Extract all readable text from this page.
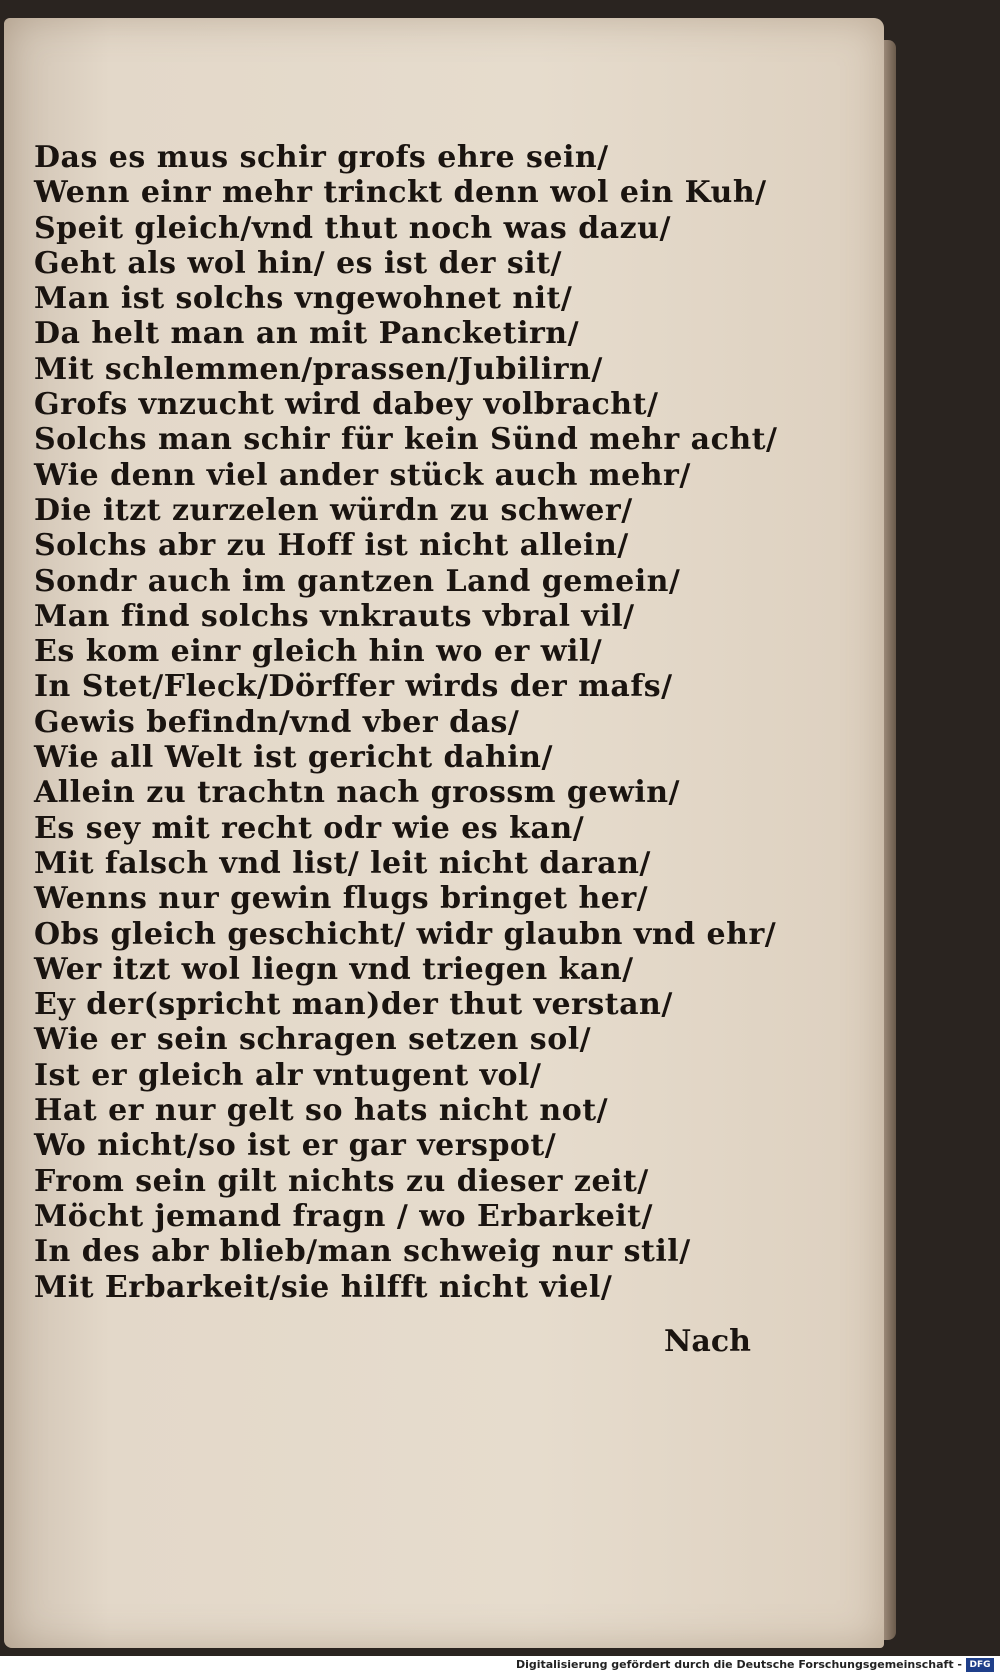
Das es mus schir grofs ehre sein/
Wenn einr mehr trinckt denn wol ein Kuh/
Speit gleich/vnd thut noch was dazu/
Geht als wol hin/ es ist der sit/
Man ist solchs vngewohnet nit/
Da helt man an mit Pancketirn/
Mit schlemmen/prassen/Jubilirn/
Grofs vnzucht wird dabey volbracht/
Solchs man schir für kein Sünd mehr acht/
Wie denn viel ander stück auch mehr/
Die itzt zurzelen würdn zu schwer/
Solchs abr zu Hoff ist nicht allein/
Sondr auch im gantzen Land gemein/
Man find solchs vnkrauts vbral vil/
Es kom einr gleich hin wo er wil/
In Stet/Fleck/Dörffer wirds der mafs/
Gewis befindn/vnd vber das/
Wie all Welt ist gericht dahin/
Allein zu trachtn nach grossm gewin/
Es sey mit recht odr wie es kan/
Mit falsch vnd list/ leit nicht daran/
Wenns nur gewin flugs bringet her/
Obs gleich geschicht/ widr glaubn vnd ehr/
Wer itzt wol liegn vnd triegen kan/
Ey der(spricht man)der thut verstan/
Wie er sein schragen setzen sol/
Ist er gleich alr vntugent vol/
Hat er nur gelt so hats nicht not/
Wo nicht/so ist er gar verspot/
From sein gilt nichts zu dieser zeit/
Möcht jemand fragn / wo Erbarkeit/
In des abr blieb/man schweig nur stil/
Mit Erbarkeit/sie hilfft nicht viel/
Nach
Digitalisierung gefördert durch die Deutsche Forschungsgemeinschaft - DFG
